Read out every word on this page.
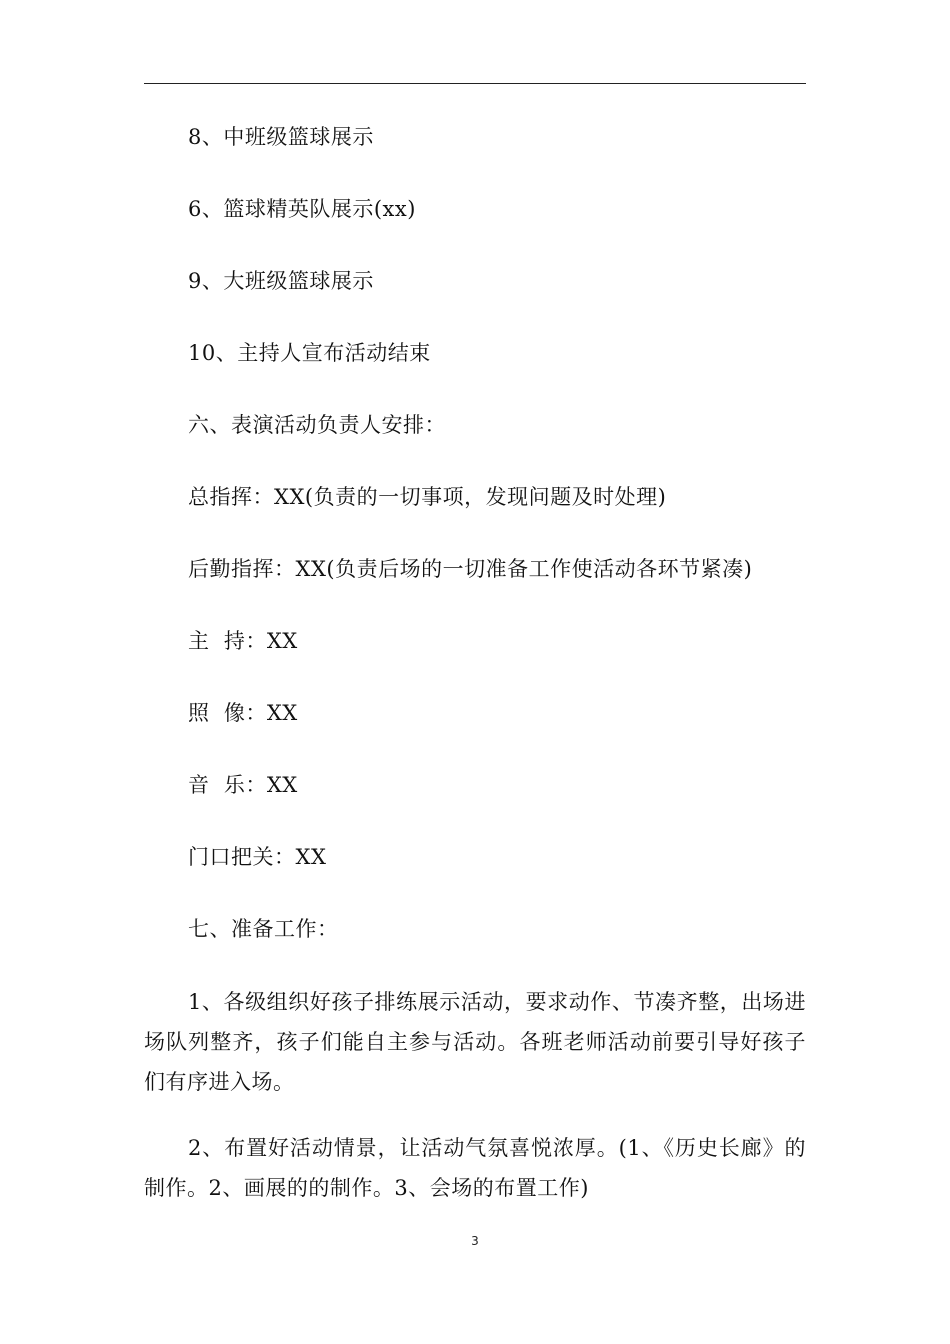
8、中班级篮球展示
6、篮球精英队展示(xx)
9、大班级篮球展示
10、主持人宣布活动结束
六、表演活动负责人安排：
总指挥：XX(负责的一切事项，发现问题及时处理)
后勤指挥：XX(负责后场的一切准备工作使活动各环节紧凑)
主  持：XX
照  像：XX
音  乐：XX
门口把关：XX
七、准备工作：
1、各级组织好孩子排练展示活动，要求动作、节凑齐整，出场进场队列整齐，孩子们能自主参与活动。各班老师活动前要引导好孩子们有序进入场。
2、布置好活动情景，让活动气氛喜悦浓厚。(1、《历史长廊》的制作。2、画展的的制作。3、会场的布置工作)
3
